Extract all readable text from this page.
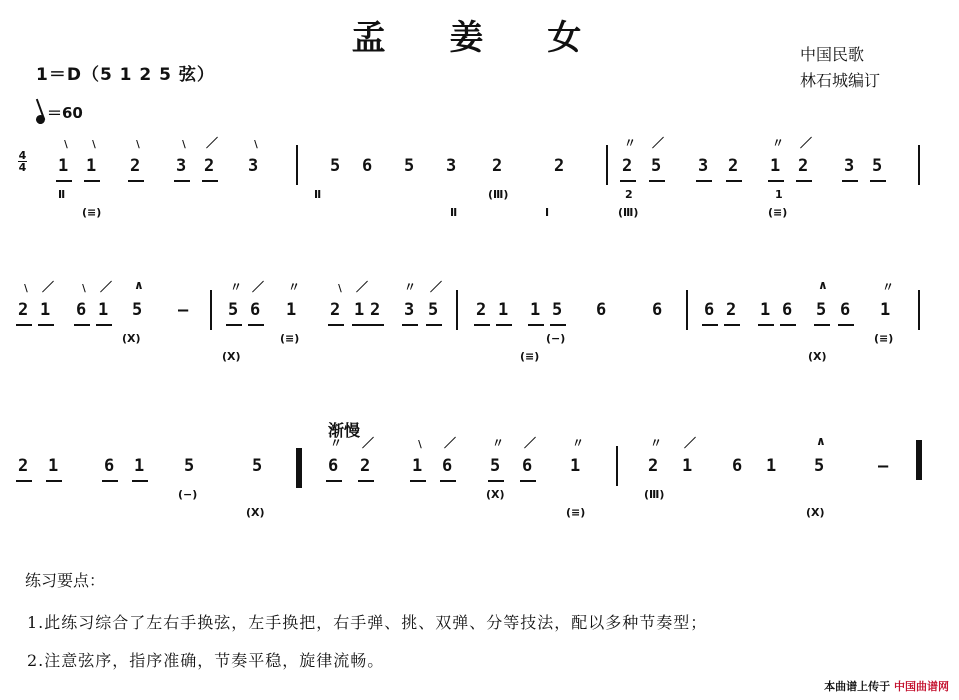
孟 姜 女	中国民歌
林石城编订
1＝D（5 1 2 5 弦）
＝60
4
4
渐慢
1 1 2 3 2 3	5 6 5 3 2	2	2 5 3 2 1 2 3 5
﹨ ﹨	﹨	﹨ ／	﹨	〃 ／	〃 ／
Ⅱ
(≡)
Ⅱ
Ⅱ
(Ⅲ)
Ⅰ
2
(Ⅲ)
1
(≡)
2 1 6 1 5 – 5 6 1 2 1 2 3 5 2 1 1 5 6	6 6 2 1 6 5 6 1
﹨ ／ ﹨ ／ ∧	〃 ／ 〃	﹨ ／	〃 ／	∧	〃
(Ⅹ)
(Ⅹ)
(≡)
(≡)
(−)
(Ⅹ)
(≡)
2 1	6 1 5	5	6 2 1 6 5 6 1	2 1 6 1 5	–
〃 ／	﹨ ／	〃 ／	〃	〃 ／	∧
(−)
(Ⅹ)
(Ⅹ)
(≡)
(Ⅲ)
(Ⅹ)
练习要点：
1.此练习综合了左右手换弦，左手换把，右手弹、挑、双弹、分等技法，配以多种节奏型；
2.注意弦序，指序准确，节奏平稳，旋律流畅。
本曲谱上传于 中国曲谱网
